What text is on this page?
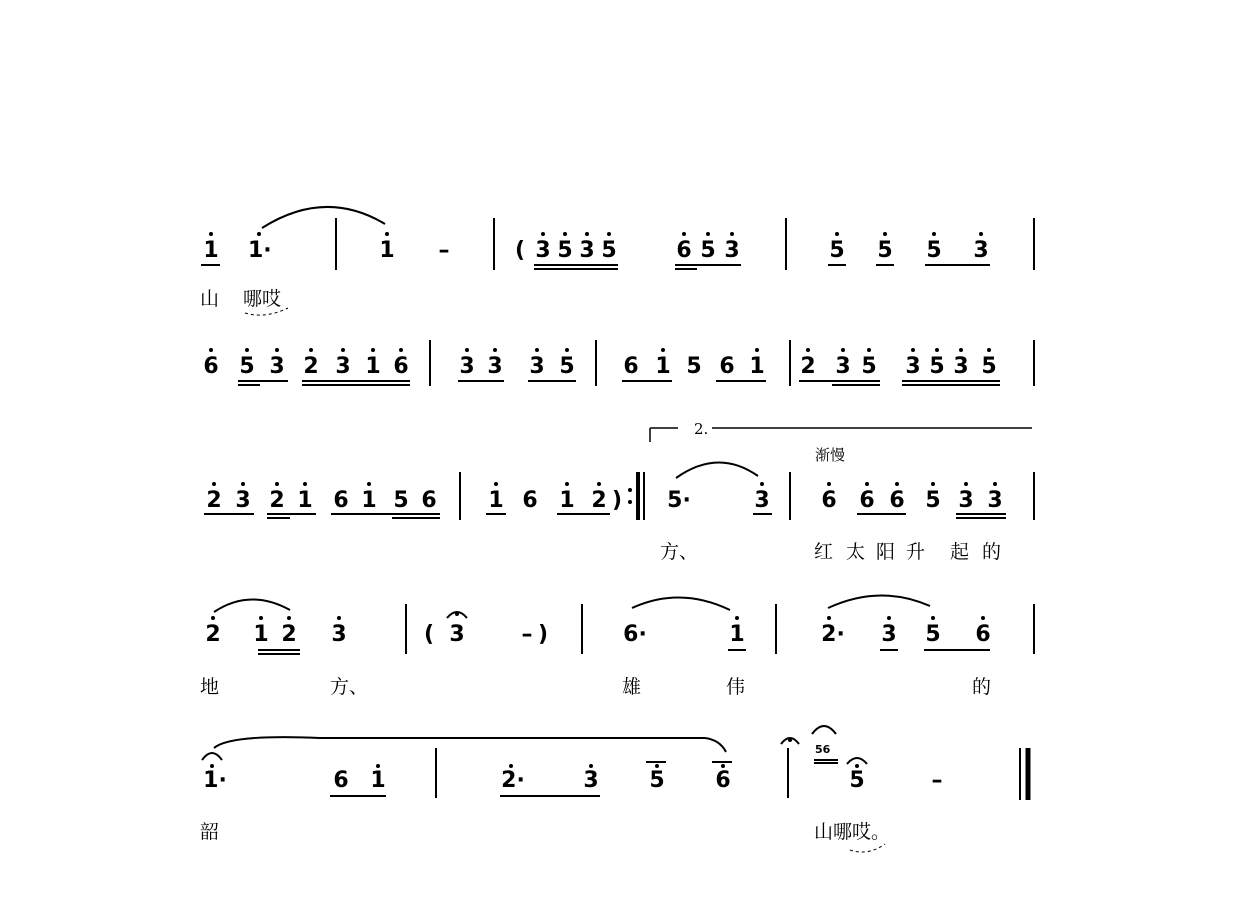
1 1·	1 –	( 3 5 3 5	6 5 3	5 5 5 3
山 哪哎
6 5 3 2 3 1 6 3 3 3 5 6 1 5 6 1 2 3 5 3 5 3 5
2.
渐慢
2 3 2 1 6 1 5 6 1 6 1 2 ) 5·	3 6 6 6 5 3 3
方、	红 太 阳 升 起 的
2 1 2 3	( 3	– )	6·	1	2· 3 5 6
地	方、	雄	伟	的
56
1·	6 1	2·	3 5 6	5	–
韶	山哪哎。
